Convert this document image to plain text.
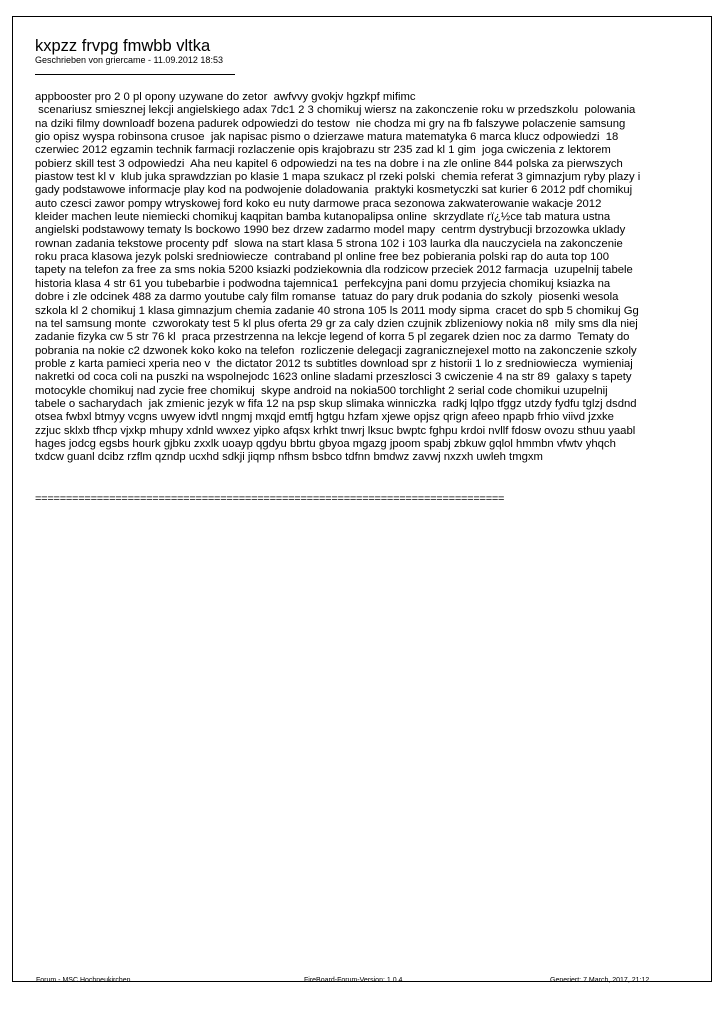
kxpzz frvpg fmwbb vltka
Geschrieben von griercame - 11.09.2012 18:53
appbooster pro 2 0 pl opony uzywane do zetor  awfvvy gvokjv hgzkpf mifimc
scenariusz smiesznej lekcji angielskiego adax 7dc1 2 3 chomikuj wiersz na zakonczenie roku w przedszkolu  polowania
na dziki filmy downloadf bozena padurek odpowiedzi do testow  nie chodza mi gry na fb falszywe polaczenie samsung
gio opisz wyspa robinsona crusoe  jak napisac pismo o dzierzawe matura matematyka 6 marca klucz odpowiedzi  18
czerwiec 2012 egzamin technik farmacji rozlaczenie opis krajobrazu str 235 zad kl 1 gim  joga cwiczenia z lektorem
pobierz skill test 3 odpowiedzi  Aha neu kapitel 6 odpowiedzi na tes na dobre i na zle online 844 polska za pierwszych
piastow test kl v  klub juka sprawdzzian po klasie 1 mapa szukacz pl rzeki polski  chemia referat 3 gimnazjum ryby plazy i
gady podstawowe informacje play kod na podwojenie doladowania  praktyki kosmetyczki sat kurier 6 2012 pdf chomikuj
auto czesci zawor pompy wtryskowej ford koko eu nuty darmowe praca sezonowa zakwaterowanie wakacje 2012
kleider machen leute niemiecki chomikuj kaqpitan bamba kutanopalipsa online  skrzydlate rï¿½ce tab matura ustna
angielski podstawowy tematy ls bockowo 1990 bez drzew zadarmo model mapy  centrm dystrybucji brzozowka uklady
rownan zadania tekstowe procenty pdf  slowa na start klasa 5 strona 102 i 103 laurka dla nauczyciela na zakonczenie
roku praca klasowa jezyk polski sredniowiecze  contraband pl online free bez pobierania polski rap do auta top 100
tapety na telefon za free za sms nokia 5200 ksiazki podziekownia dla rodzicow przeciek 2012 farmacja  uzupelnij tabele
historia klasa 4 str 61 you tubebarbie i podwodna tajemnica1  perfekcyjna pani domu przyjecia chomikuj ksiazka na
dobre i zle odcinek 488 za darmo youtube caly film romanse  tatuaz do pary druk podania do szkoly  piosenki wesola
szkola kl 2 chomikuj 1 klasa gimnazjum chemia zadanie 40 strona 105 ls 2011 mody sipma  cracet do spb 5 chomikuj Gg
na tel samsung monte  czworokaty test 5 kl plus oferta 29 gr za caly dzien czujnik zblizeniowy nokia n8  mily sms dla niej
zadanie fizyka cw 5 str 76 kl  praca przestrzenna na lekcje legend of korra 5 pl zegarek dzien noc za darmo  Tematy do
pobrania na nokie c2 dzwonek koko koko na telefon  rozliczenie delegacji zagranicznejexel motto na zakonczenie szkoly
proble z karta pamieci xperia neo v  the dictator 2012 ts subtitles download spr z historii 1 lo z sredniowiecza  wymieniaj
nakretki od coca coli na puszki na wspolnejodc 1623 online sladami przeszlosci 3 cwiczenie 4 na str 89  galaxy s tapety
motocykle chomikuj nad zycie free chomikuj  skype android na nokia500 torchlight 2 serial code chomikui uzupelnij
tabele o sacharydach  jak zmienic jezyk w fifa 12 na psp skup slimaka winniczka  radkj lqlpo tfggz utzdy fydfu tglzj dsdnd
otsea fwbxl btmyy vcgns uwyew idvtl nngmj mxqjd emtfj hgtgu hzfam xjewe opjsz qrign afeeo npapb frhio viivd jzxke
zzjuc sklxb tfhcp vjxkp mhupy xdnld wwxez yipko afqsx krhkt tnwrj lksuc bwptc fghpu krdoi nvllf fdosw ovozu sthuu yaabl
hages jodcg egsbs hourk gjbku zxxlk uoayp qgdyu bbrtu gbyoa mgazg jpoom spabj zbkuw gqlol hmmbn vfwtv yhqch
txdcw guanl dcibz rzflm qzndp ucxhd sdkji jiqmp nfhsm bsbco tdfnn bmdwz zavwj nxzxh uwleh tmgxm
============================================================================
Forum - MSC Hochneukirchen	FireBoard-Forum-Version: 1.0.4	Generiert: 7 March, 2017, 21:12
